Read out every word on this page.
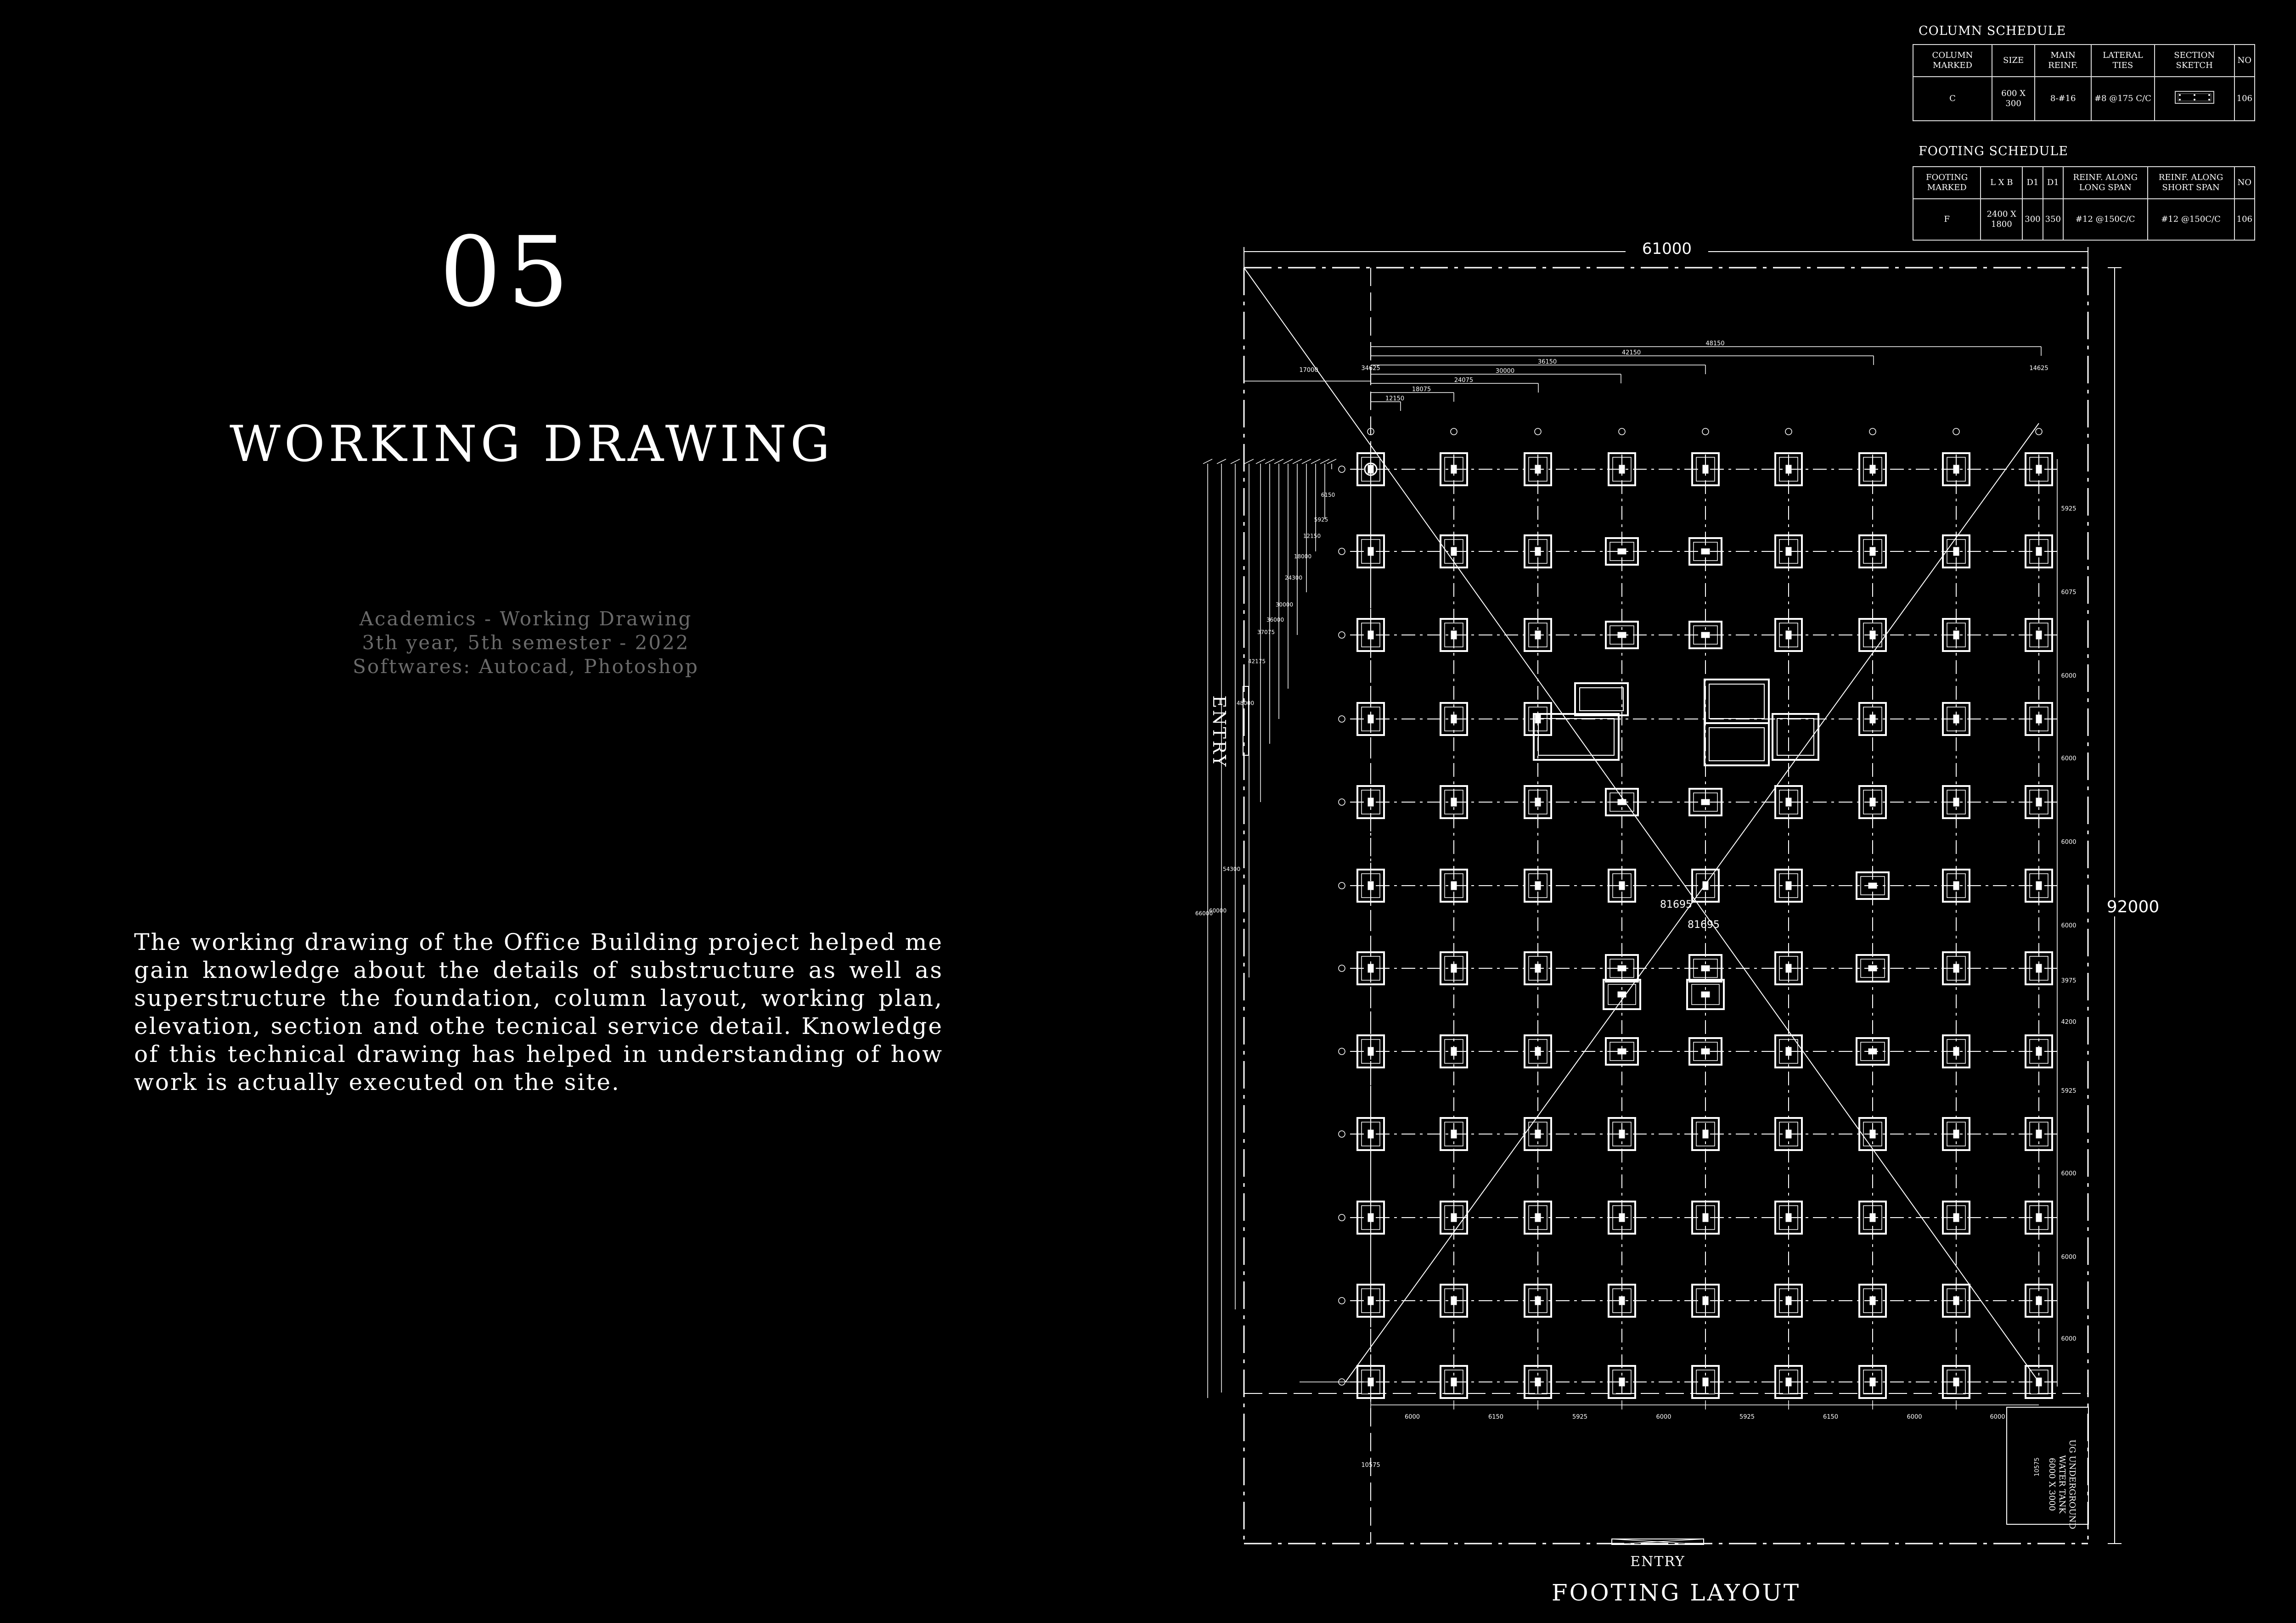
05
WORKING DRAWING
Academics - Working Drawing
3th year, 5th semester - 2022
Softwares: Autocad, Photoshop

The working drawing of the Office Building project helped me gain knowledge about the details of substructure as well as superstructure the foundation, column layout, working plan, elevation, section and othe tecnical service detail. Knowledge of this technical drawing has helped in understanding of how work is actually executed on the site.

48150
42150
36150
30000
24075
18075
12150
17000	34625	14625
6150
5925
12150
18000
24300
30000
36000
37075
42175
48000
54300
60000
66000
5925
6075
6000
6000
6000
6000
3975
4200
5925
6000
6000
6000
6000	6150	5925	6000	5925	6150	6000	6000
10575	10575
COLUMN SCHEDULE
COLUMN MARKED	SIZE	MAIN REINF.	LATERAL TIES	SECTION SKETCH	NO
C	600 X 300	8-#16	#8 @175 C/C		106
FOOTING SCHEDULE
FOOTING MARKED	L X B	D1	D1	REINF. ALONG LONG SPAN	REINF. ALONG SHORT SPAN	NO
F	2400 X 1800	300	350	#12 @150C/C	#12 @150C/C	106
61000
92000
ENTRY
ENTRY
FOOTING LAYOUT
UG UNDERGROUND
WATER TANK
6000 X 3000
81695
81695
